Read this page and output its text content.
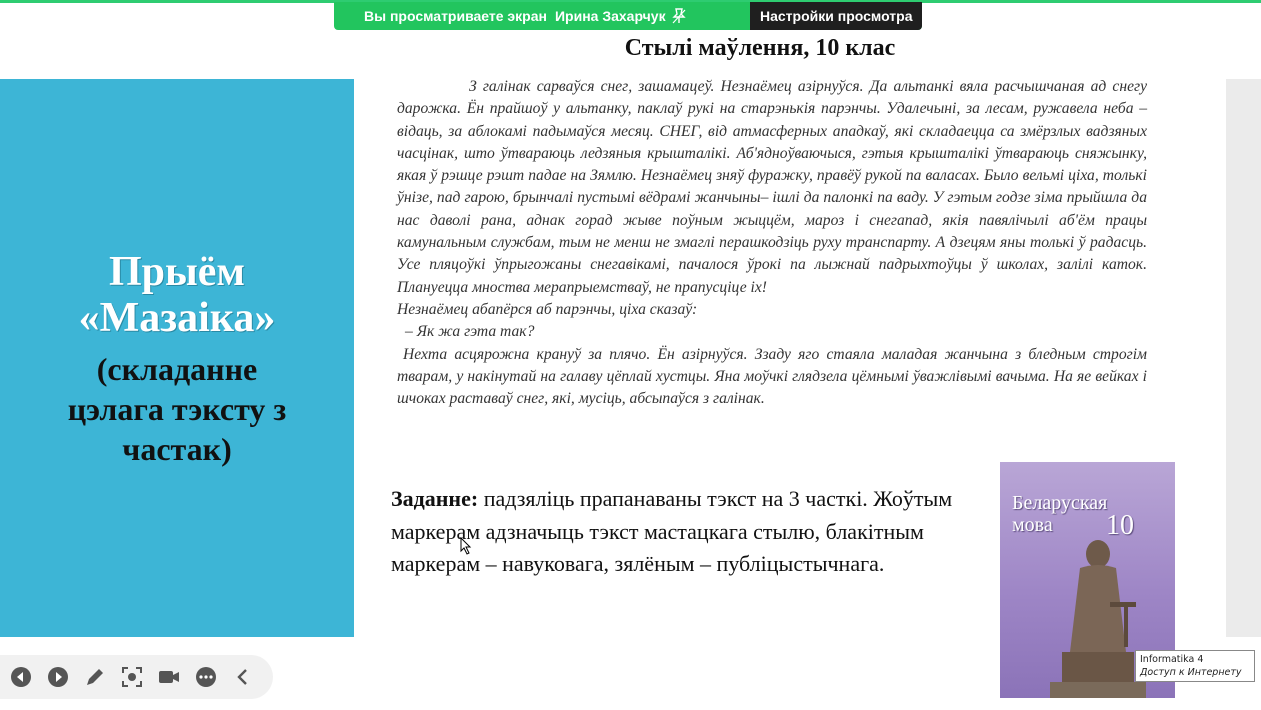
Вы просматриваете экран Ирина Захарчук	Настройки просмотра
Стылі маўлення, 10 клас
Прыём
«Мазаіка»
(складанне
цэлага тэксту з
частак)

З галінак сарваўся снег, зашамацеў. Незнаёмец азірнуўся. Да альтанкі вяла расчышчаная ад снегу дарожка. Ён прайшоў у альтанку, паклаў рукі на старэнькія парэнчы. Удалечыні, за лесам, ружавела неба – відаць, за аблокамі падымаўся месяц. СНЕГ, від атмасферных ападкаў, які складаецца са змёрзлых вадзяных часцінак, што ўтвараюць ледзяныя крышталікі. Аб'ядноўваючыся, гэтыя крышталікі ўтвараюць сняжынку, якая ў рэшце рэшт падае на Зямлю. Незнаёмец зняў фуражку, правёў рукой па валасах. Было вельмі ціха, толькі ўнізе, пад гарою, брынчалі пустымі вёдрамі жанчыны– ішлі да палонкі па ваду. У гэтым годзе зіма прыйшла да нас даволі рана, аднак горад жыве поўным жыццём, мароз і снегапад, якія павялічылі аб'ём працы камунальным службам, тым не менш не змаглі перашкодзіць руху транспарту. А дзецям яны толькі ў радасць. Усе пляцоўкі ўпрыгожаны снегавікамі, пачалося ўрокі па лыжнай падрыхтоўцы ў школах, залілі каток. Плануецца мноства мерапрыемстваў, не прапусціце іх!

Незнаёмец абапёрся аб парэнчы, ціха сказаў:

– Як жа гэта так?

Нехта асцярожна крануў за плячо. Ён азірнуўся. Ззаду яго стаяла маладая жанчына з бледным строгім тварам, у накінутай на галаву цёплай хустцы. Яна моўчкі глядзела цёмнымі ўважлівымі вачыма. На яе вейках і шчоках раставаў снег, які, мусіць, абсыпаўся з галінак.

Заданне: падзяліць прапанаваны тэкст на 3 часткі. Жоўтым маркерам адзначыць тэкст мастацкага стылю, блакітным маркерам – навуковага, зялёным – публіцыстычнага.
Беларуская
мова	10
Informatika 4
Доступ к Интернету
